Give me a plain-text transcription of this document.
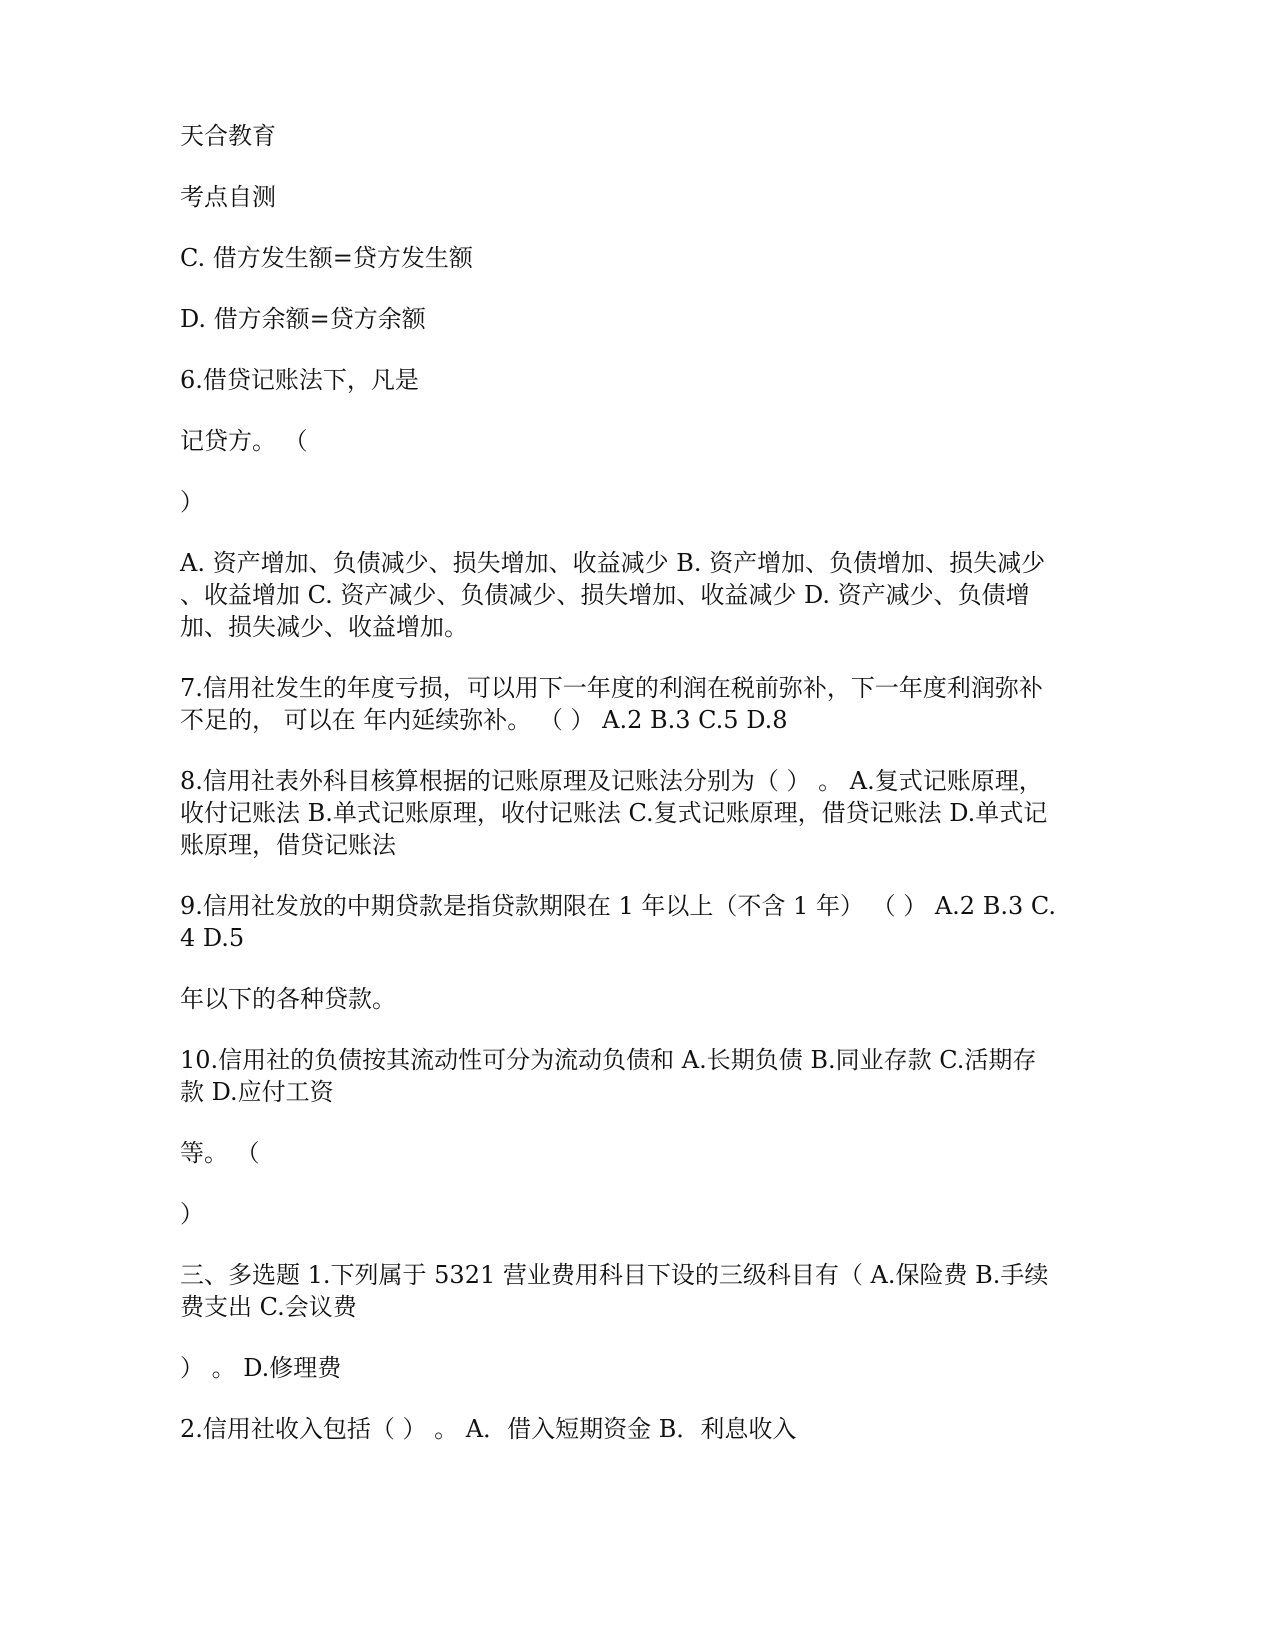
天合教育

考点自测

C. 借方发生额=贷方发生额

D. 借方余额=贷方余额

6.借贷记账法下，凡是

记贷方。 （

）

A. 资产增加、负债减少、损失增加、收益减少 B. 资产增加、负债增加、损失减少 、收益增加 C. 资产减少、负债减少、损失增加、收益减少 D. 资产减少、负债增加、损失减少、收益增加。

7.信用社发生的年度亏损，可以用下一年度的利润在税前弥补，下一年度利润弥补不足的， 可以在 年内延续弥补。 （ ） A.2 B.3 C.5 D.8

8.信用社表外科目核算根据的记账原理及记账法分别为（ ） 。 A.复式记账原理，收付记账法 B.单式记账原理，收付记账法 C.复式记账原理，借贷记账法 D.单式记账原理，借贷记账法

9.信用社发放的中期贷款是指贷款期限在 1 年以上（不含 1 年） （ ） A.2 B.3 C.4 D.5

年以下的各种贷款。

10.信用社的负债按其流动性可分为流动负债和 A.长期负债 B.同业存款 C.活期存款 D.应付工资

等。 （

）

三、多选题 1.下列属于 5321 营业费用科目下设的三级科目有（ A.保险费 B.手续费支出 C.会议费

） 。 D.修理费

2.信用社收入包括（ ） 。 A．借入短期资金 B．利息收入
